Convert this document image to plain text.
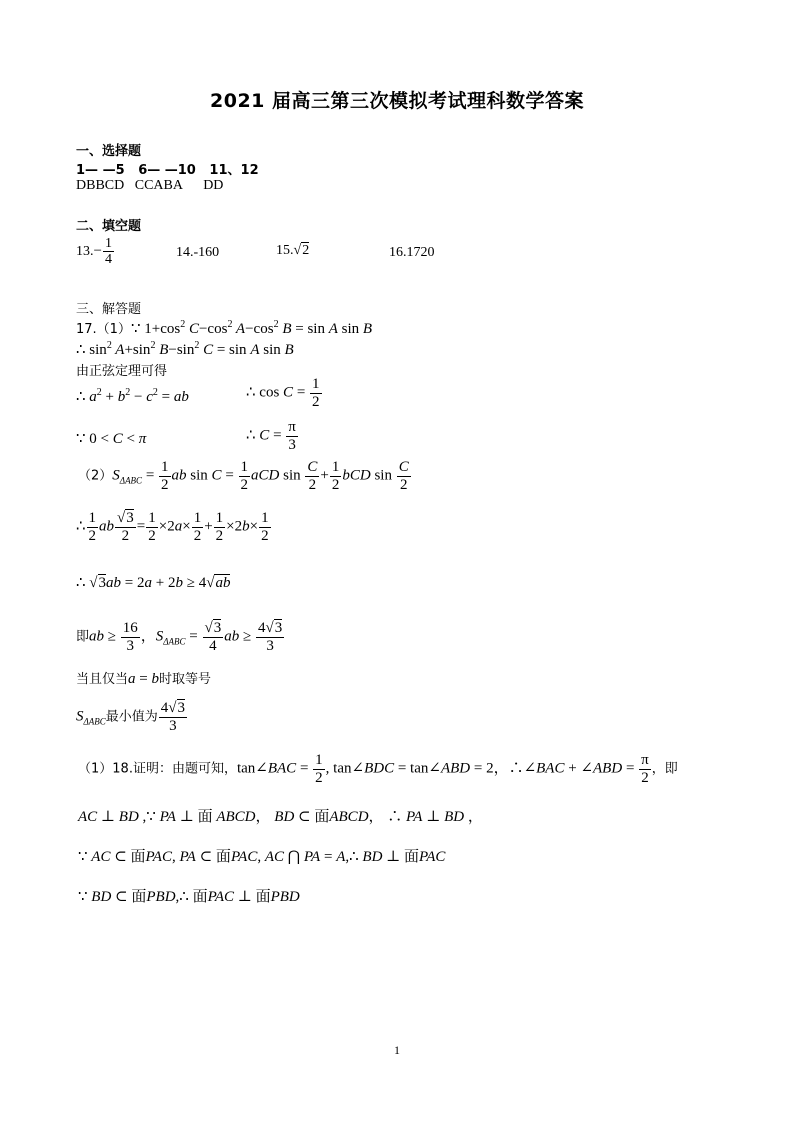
2021 届高三第三次模拟考试理科数学答案
一、选择题
1— —5   6— —10   11、12
DBBCD   CCABA      DD
二、填空题
$13.- \frac{1}{4}$	14.-160	15.√2	16.1720
三、解答题
17.（1）∵ $1+\cos^2$ $C-\cos^2$ $A-\cos^2$ B = sin A sin B
∴ $\sin^2 A+\sin^2$ $B-\sin^2$ C = sin A sin B
由正弦定理可得
∴ $a^2 + b^2 - c^2$ = ab	∴ $\cos C = \frac{1}{2}$
∵ 0 < C < π	∴ $C = \frac{\pi}{3}$
$(2)S_{\Delta ABC} = \frac{1}{2}$ ab $\sin C = \frac{1}{2}$ aCD $\sin \frac{C}{2} + \frac{1}{2}$ bCD $\sin \frac{C}{2}$
∴ $\frac{1}{2}$ ab $\frac{√3}{2} = \frac{1}{2} \times 2a\times \frac{1}{2} + \frac{1}{2} \times 2b\times \frac{1}{2}$
∴ √3ab = 2a + 2b ≥ 4√ab
即ab ≥ $\frac{16}{3}$ ，$S_{\Delta ABC} = \frac{√3}{4}$ ab ≥ $\frac{4√3}{3}$
当且仅当a = b时取等号
$S_{\Delta ABC}$最小值为 $\frac{4√3}{3}$
（1）18.证明：由题可知，tan∠BAC = $\frac{1}{2}$ , tan∠BDC = tan∠ABD = 2，∴∠BAC + ∠ABD = $\frac{\pi}{2}$ ，即
AC ⊥ BD ,∵ PA ⊥ 面 ABCD， BD ⊂ 面ABCD， ∴ PA ⊥ BD ，
∵ AC ⊂ 面PAC, PA ⊂ 面PAC, AC ⋂ PA = A,∴ BD ⊥ 面PAC
∵ BD ⊂ 面PBD,∴ 面PAC ⊥ 面PBD
1
